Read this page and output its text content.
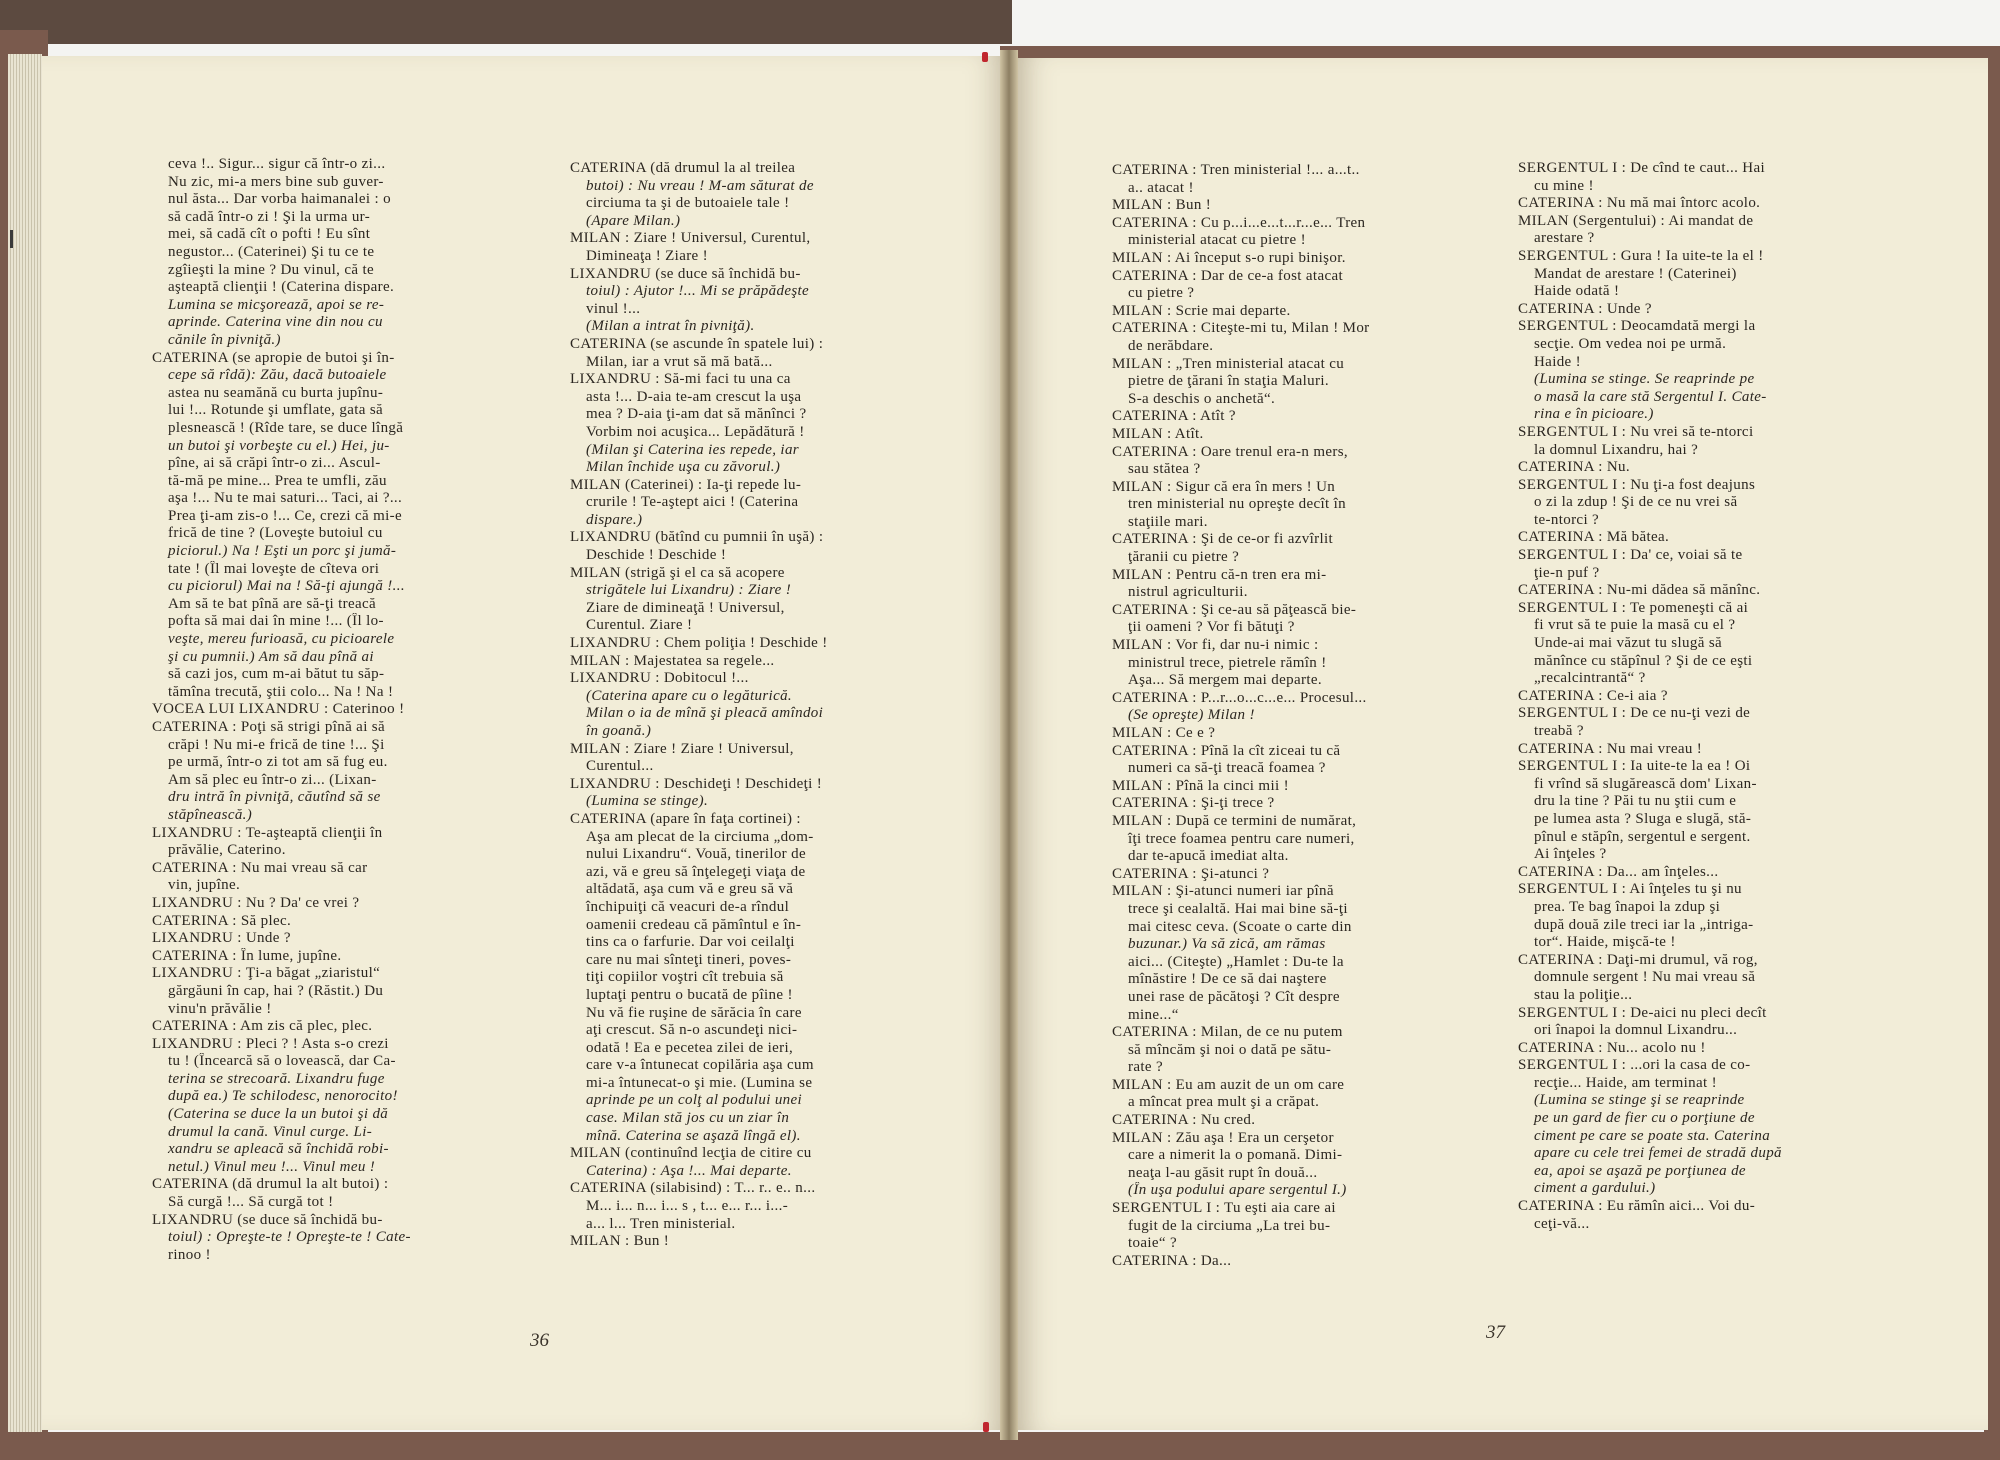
ceva !.. Sigur... sigur că într-o zi...
Nu zic, mi-a mers bine sub guver-
nul ăsta... Dar vorba haimanalei : o
să cadă într-o zi ! Şi la urma ur-
mei, să cadă cît o pofti ! Eu sînt
negustor... (Caterinei) Şi tu ce te
zgîieşti la mine ? Du vinul, că te
aşteaptă clienţii ! (Caterina dispare.
Lumina se micşorează, apoi se re-
aprinde. Caterina vine din nou cu
cănile în pivniţă.)
CATERINA (se apropie de butoi şi în-
cepe să rîdă): Zău, dacă butoaiele
astea nu seamănă cu burta jupînu-
lui !... Rotunde şi umflate, gata să
plesnească ! (Rîde tare, se duce lîngă
un butoi şi vorbeşte cu el.) Hei, ju-
pîne, ai să crăpi într-o zi... Ascul-
tă-mă pe mine... Prea te umfli, zău
aşa !... Nu te mai saturi... Taci, ai ?...
Prea ţi-am zis-o !... Ce, crezi că mi-e
frică de tine ? (Loveşte butoiul cu
piciorul.) Na ! Eşti un porc şi jumă-
tate ! (Îl mai loveşte de cîteva ori
cu piciorul) Mai na ! Să-ţi ajungă !...
Am să te bat pînă are să-ţi treacă
pofta să mai dai în mine !... (Îl lo-
veşte, mereu furioasă, cu picioarele
şi cu pumnii.) Am să dau pînă ai
să cazi jos, cum m-ai bătut tu săp-
tămîna trecută, ştii colo... Na ! Na !
VOCEA LUI LIXANDRU : Caterinoo !
CATERINA : Poţi să strigi pînă ai să
crăpi ! Nu mi-e frică de tine !... Şi
pe urmă, într-o zi tot am să fug eu.
Am să plec eu într-o zi... (Lixan-
dru intră în pivniţă, căutînd să se
stăpînească.)
LIXANDRU : Te-aşteaptă clienţii în
prăvălie, Caterino.
CATERINA : Nu mai vreau să car
vin, jupîne.
LIXANDRU : Nu ? Da' ce vrei ?
CATERINA : Să plec.
LIXANDRU : Unde ?
CATERINA : În lume, jupîne.
LIXANDRU : Ţi-a băgat „ziaristul“
gărgăuni în cap, hai ? (Răstit.) Du
vinu'n prăvălie !
CATERINA : Am zis că plec, plec.
LIXANDRU : Pleci ? ! Asta s-o crezi
tu ! (Încearcă să o lovească, dar Ca-
terina se strecoară. Lixandru fuge
după ea.) Te schilodesc, nenorocito!
(Caterina se duce la un butoi şi dă
drumul la cană. Vinul curge. Li-
xandru se apleacă să închidă robi-
netul.) Vinul meu !... Vinul meu !
CATERINA (dă drumul la alt butoi) :
Să curgă !... Să curgă tot !
LIXANDRU (se duce să închidă bu-
toiul) : Opreşte-te ! Opreşte-te ! Cate-
rinoo !
CATERINA (dă drumul la al treilea
butoi) : Nu vreau ! M-am săturat de
circiuma ta şi de butoaiele tale !
(Apare Milan.)
MILAN : Ziare ! Universul, Curentul,
Dimineaţa ! Ziare !
LIXANDRU (se duce să închidă bu-
toiul) : Ajutor !... Mi se prăpădeşte
vinul !...
(Milan a intrat în pivniţă).
CATERINA (se ascunde în spatele lui) :
Milan, iar a vrut să mă bată...
LIXANDRU : Să-mi faci tu una ca
asta !... D-aia te-am crescut la uşa
mea ? D-aia ţi-am dat să mănînci ?
Vorbim noi acuşica... Lepădătură !
(Milan şi Caterina ies repede, iar
Milan închide uşa cu zăvorul.)
MILAN (Caterinei) : Ia-ţi repede lu-
crurile ! Te-aştept aici ! (Caterina
dispare.)
LIXANDRU (bătînd cu pumnii în uşă) :
Deschide ! Deschide !
MILAN (strigă şi el ca să acopere
strigătele lui Lixandru) : Ziare !
Ziare de dimineaţă ! Universul,
Curentul. Ziare !
LIXANDRU : Chem poliţia ! Deschide !
MILAN : Majestatea sa regele...
LIXANDRU : Dobitocul !...
(Caterina apare cu o legăturică.
Milan o ia de mînă şi pleacă amîndoi
în goană.)
MILAN : Ziare ! Ziare ! Universul,
Curentul...
LIXANDRU : Deschideţi ! Deschideţi !
(Lumina se stinge).
CATERINA (apare în faţa cortinei) :
Aşa am plecat de la circiuma „dom-
nului Lixandru“. Vouă, tinerilor de
azi, vă e greu să înţelegeţi viaţa de
altădată, aşa cum vă e greu să vă
închipuiţi că veacuri de-a rîndul
oamenii credeau că pămîntul e în-
tins ca o farfurie. Dar voi ceilalţi
care nu mai sînteţi tineri, poves-
tiţi copiilor voştri cît trebuia să
luptaţi pentru o bucată de pîine !
Nu vă fie ruşine de sărăcia în care
aţi crescut. Să n-o ascundeţi nici-
odată ! Ea e pecetea zilei de ieri,
care v-a întunecat copilăria aşa cum
mi-a întunecat-o şi mie. (Lumina se
aprinde pe un colţ al podului unei
case. Milan stă jos cu un ziar în
mînă. Caterina se aşază lîngă el).
MILAN (continuînd lecţia de citire cu
Caterina) : Aşa !... Mai departe.
CATERINA (silabisind) : T... r.. e.. n...
M... i... n... i... s , t... e... r... i...-
a... l... Tren ministerial.
MILAN : Bun !
CATERINA : Tren ministerial !... a...t..
a.. atacat !
MILAN : Bun !
CATERINA : Cu p...i...e...t...r...e... Tren
ministerial atacat cu pietre !
MILAN : Ai început s-o rupi binişor.
CATERINA : Dar de ce-a fost atacat
cu pietre ?
MILAN : Scrie mai departe.
CATERINA : Citeşte-mi tu, Milan ! Mor
de nerăbdare.
MILAN : „Tren ministerial atacat cu
pietre de ţărani în staţia Maluri.
S-a deschis o anchetă“.
CATERINA : Atît ?
MILAN : Atît.
CATERINA : Oare trenul era-n mers,
sau stătea ?
MILAN : Sigur că era în mers ! Un
tren ministerial nu opreşte decît în
staţiile mari.
CATERINA : Şi de ce-or fi azvîrlit
ţăranii cu pietre ?
MILAN : Pentru că-n tren era mi-
nistrul agriculturii.
CATERINA : Şi ce-au să păţească bie-
ţii oameni ? Vor fi bătuţi ?
MILAN : Vor fi, dar nu-i nimic :
ministrul trece, pietrele rămîn !
Aşa... Să mergem mai departe.
CATERINA : P...r...o...c...e... Procesul...
(Se opreşte) Milan !
MILAN : Ce e ?
CATERINA : Pînă la cît ziceai tu că
numeri ca să-ţi treacă foamea ?
MILAN : Pînă la cinci mii !
CATERINA : Şi-ţi trece ?
MILAN : După ce termini de numărat,
îţi trece foamea pentru care numeri,
dar te-apucă imediat alta.
CATERINA : Şi-atunci ?
MILAN : Şi-atunci numeri iar pînă
trece şi cealaltă. Hai mai bine să-ţi
mai citesc ceva. (Scoate o carte din
buzunar.) Va să zică, am rămas
aici... (Citeşte) „Hamlet : Du-te la
mînăstire ! De ce să dai naştere
unei rase de păcătoşi ? Cît despre
mine...“
CATERINA : Milan, de ce nu putem
să mîncăm şi noi o dată pe sătu-
rate ?
MILAN : Eu am auzit de un om care
a mîncat prea mult şi a crăpat.
CATERINA : Nu cred.
MILAN : Zău aşa ! Era un cerşetor
care a nimerit la o pomană. Dimi-
neaţa l-au găsit rupt în două...
(În uşa podului apare sergentul I.)
SERGENTUL I : Tu eşti aia care ai
fugit de la circiuma „La trei bu-
toaie“ ?
CATERINA : Da...
SERGENTUL I : De cînd te caut... Hai
cu mine !
CATERINA : Nu mă mai întorc acolo.
MILAN (Sergentului) : Ai mandat de
arestare ?
SERGENTUL : Gura ! Ia uite-te la el !
Mandat de arestare ! (Caterinei)
Haide odată !
CATERINA : Unde ?
SERGENTUL : Deocamdată mergi la
secţie. Om vedea noi pe urmă.
Haide !
(Lumina se stinge. Se reaprinde pe
o masă la care stă Sergentul I. Cate-
rina e în picioare.)
SERGENTUL I : Nu vrei să te-ntorci
la domnul Lixandru, hai ?
CATERINA : Nu.
SERGENTUL I : Nu ţi-a fost deajuns
o zi la zdup ! Şi de ce nu vrei să
te-ntorci ?
CATERINA : Mă bătea.
SERGENTUL I : Da' ce, voiai să te
ţie-n puf ?
CATERINA : Nu-mi dădea să mănînc.
SERGENTUL I : Te pomeneşti că ai
fi vrut să te puie la masă cu el ?
Unde-ai mai văzut tu slugă să
mănînce cu stăpînul ? Şi de ce eşti
„recalcintrantă“ ?
CATERINA : Ce-i aia ?
SERGENTUL I : De ce nu-ţi vezi de
treabă ?
CATERINA : Nu mai vreau !
SERGENTUL I : Ia uite-te la ea ! Oi
fi vrînd să slugărească dom' Lixan-
dru la tine ? Păi tu nu ştii cum e
pe lumea asta ? Sluga e slugă, stă-
pînul e stăpîn, sergentul e sergent.
Ai înţeles ?
CATERINA : Da... am înţeles...
SERGENTUL I : Ai înţeles tu şi nu
prea. Te bag înapoi la zdup şi
după două zile treci iar la „intriga-
tor“. Haide, mişcă-te !
CATERINA : Daţi-mi drumul, vă rog,
domnule sergent ! Nu mai vreau să
stau la poliţie...
SERGENTUL I : De-aici nu pleci decît
ori înapoi la domnul Lixandru...
CATERINA : Nu... acolo nu !
SERGENTUL I : ...ori la casa de co-
recţie... Haide, am terminat !
(Lumina se stinge şi se reaprinde
pe un gard de fier cu o porţiune de
ciment pe care se poate sta. Caterina
apare cu cele trei femei de stradă după
ea, apoi se aşază pe porţiunea de
ciment a gardului.)
CATERINA : Eu rămîn aici... Voi du-
ceţi-vă...
36	37
